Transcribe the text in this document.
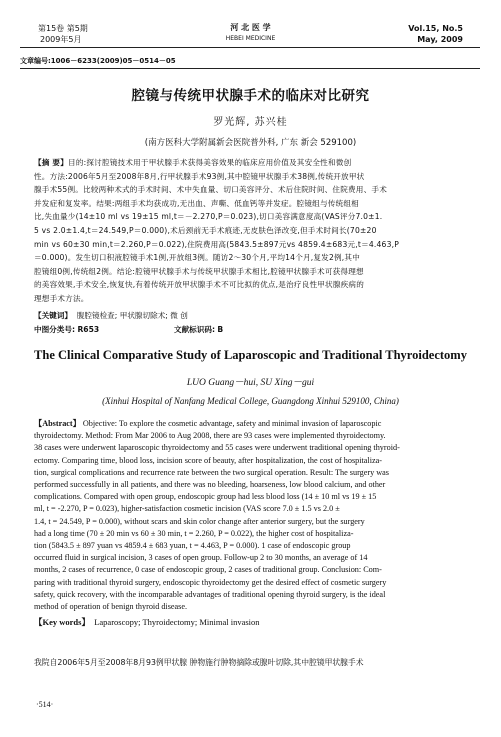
第15卷 第5期
2009年5月
河 北 医 学
HEBEI MEDICINE
Vol.15, No.5
May, 2009
文章编号:1006－6233(2009)05－0514－05
腔镜与传统甲状腺手术的临床对比研究
罗光辉, 苏兴桂
(南方医科大学附属新会医院普外科, 广东 新会 529100)
【摘 要】目的:探讨腔镜技术用于甲状腺手术获得美容效果的临床应用价值及其安全性和微创
性。方法:2006年5月至2008年8月,行甲状腺手术93例,其中腔镜甲状腺手术38例,传统开放甲状
腺手术55例。比较两种术式的手术时间、术中失血量、切口美容评分、术后住院时间、住院费用、手术
并发症和复发率。结果:两组手术均获成功,无出血、声嘶、低血钙等并发症。腔镜组与传统组相
比,失血量少(14±10 ml vs 19±15 ml,t＝－2.270,P＝0.023),切口美容满意度高(VAS评分7.0±1.
5 vs 2.0±1.4,t＝24.549,P＝0.000),术后颈前无手术痕迹,无皮肤色泽改变,但手术时间长(70±20
min vs 60±30 min,t＝2.260,P＝0.022),住院费用高(5843.5±897元vs 4859.4±683元,t＝4.463,P
＝0.000)。发生切口积液腔镜手术1例,开放组3例。随访2～30个月,平均14个月,复发2例,其中
腔镜组0例,传统组2例。结论:腔镜甲状腺手术与传统甲状腺手术相比,腔镜甲状腺手术可获得理想
的美容效果,手术安全,恢复快,有着传统开放甲状腺手术不可比拟的优点,是治疗良性甲状腺疾病的
理想手术方法。
【关键词】 腹腔镜检查; 甲状腺切除术; 微 创
中图分类号: R653	文献标识码: B
The Clinical Comparative Study of Laparoscopic and Traditional Thyroidectomy
LUO Guang－hui, SU Xing－gui
(Xinhui Hospital of Nanfang Medical College, Guangdong Xinhui 529100, China)
【Abstract】 Objective: To explore the cosmetic advantage, safety and minimal invasion of laparoscopic
thyroidectomy. Method: From Mar 2006 to Aug 2008, there are 93 cases were implemented thyroidectomy.
38 cases were underwent laparoscopic thyroidectomy and 55 cases were underwent traditional opening thyroid-
ectomy. Comparing time, blood loss, incision score of beauty, after hospitalization, the cost of hospitaliza-
tion, surgical complications and recurrence rate between the two surgical operation. Result: The surgery was
performed successfully in all patients, and there was no bleeding, hoarseness, low blood calcium, and other
complications. Compared with open group, endoscopic group had less blood loss (14 ± 10 ml vs 19 ± 15
ml, t = -2.270, P = 0.023), higher-satisfaction cosmetic incision (VAS score 7.0 ± 1.5 vs 2.0 ±
1.4, t = 24.549, P = 0.000), without scars and skin color change after anterior surgery, but the surgery
had a long time (70 ± 20 min vs 60 ± 30 min, t = 2.260, P = 0.022), the higher cost of hospitaliza-
tion (5843.5 ± 897 yuan vs 4859.4 ± 683 yuan, t = 4.463, P = 0.000). 1 case of endoscopic group
occurred fluid in surgical incision, 3 cases of open group. Follow-up 2 to 30 months, an average of 14
months, 2 cases of recurrence, 0 case of endoscopic group, 2 cases of traditional group. Conclusion: Com-
paring with traditional thyroid surgery, endoscopic thyroidectomy get the desired effect of cosmetic surgery
safety, quick recovery, with the incomparable advantages of traditional opening thyroid surgery, is the ideal
method of operation of benign thyroid disease.
【Key words】 Laparoscopy; Thyroidectomy; Minimal invasion
我院自2006年5月至2008年8月93例甲状腺 肿物施行肿物摘除或腺叶切除,其中腔镜甲状腺手术
·514·
